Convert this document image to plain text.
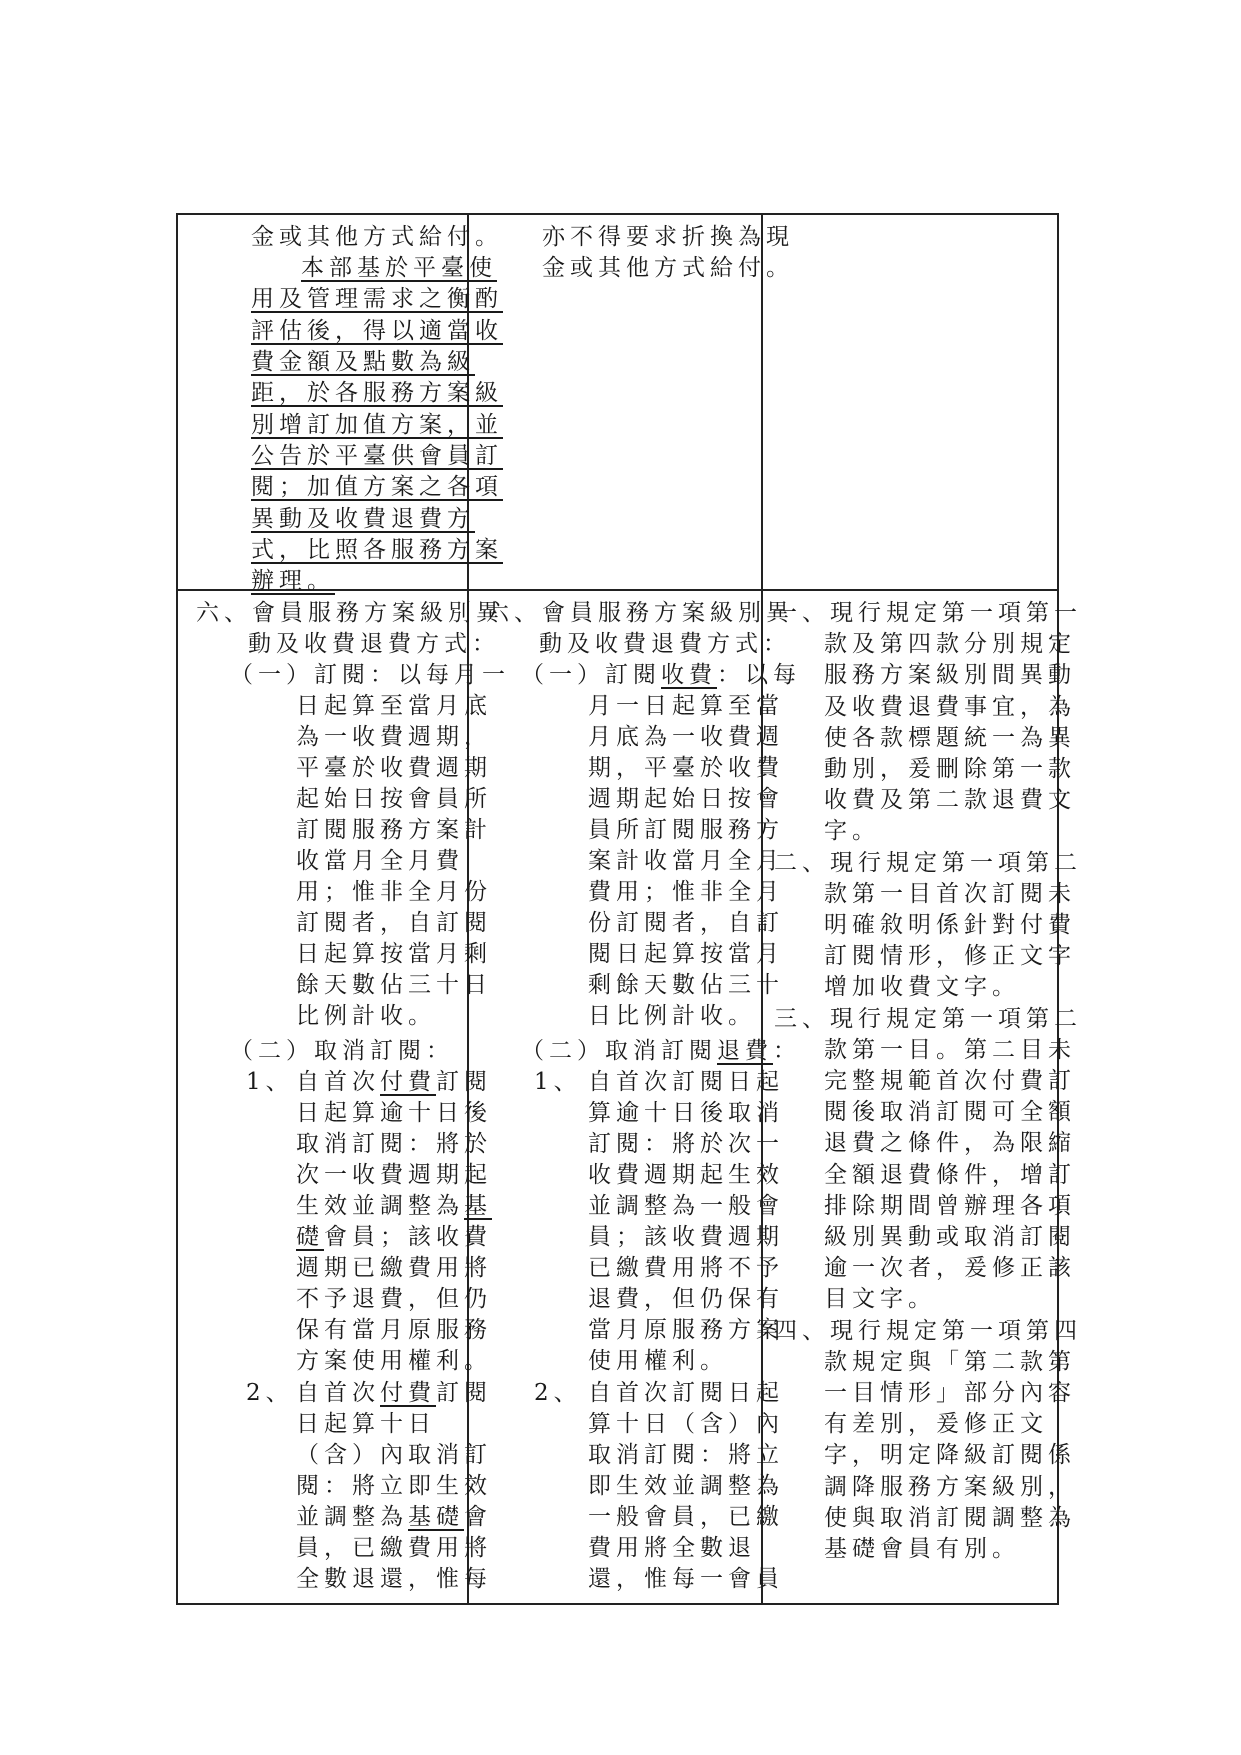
金或其他方式給付。
本部基於平臺使
用及管理需求之衡酌
評估後，得以適當收
費金額及點數為級
距，於各服務方案級
別增訂加值方案，並
公告於平臺供會員訂
閱；加值方案之各項
異動及收費退費方
式，比照各服務方案
辦理。
亦不得要求折換為現
金或其他方式給付。
六、會員服務方案級別異
動及收費退費方式：
（一）訂閱：以每月一
日起算至當月底
為一收費週期，
平臺於收費週期
起始日按會員所
訂閱服務方案計
收當月全月費
用；惟非全月份
訂閱者，自訂閱
日起算按當月剩
餘天數佔三十日
比例計收。
（二）取消訂閱：
1、 自首次付費訂閱
日起算逾十日後
取消訂閱：將於
次一收費週期起
生效並調整為基
礎會員；該收費
週期已繳費用將
不予退費，但仍
保有當月原服務
方案使用權利。
2、 自首次付費訂閱
日起算十日
（含）內取消訂
閱：將立即生效
並調整為基礎會
員，已繳費用將
全數退還，惟每
六、會員服務方案級別異
動及收費退費方式：
（一）訂閱收費：以每
月一日起算至當
月底為一收費週
期，平臺於收費
週期起始日按會
員所訂閱服務方
案計收當月全月
費用；惟非全月
份訂閱者，自訂
閱日起算按當月
剩餘天數佔三十
日比例計收。
（二）取消訂閱退費：
1、 自首次訂閱日起
算逾十日後取消
訂閱：將於次一
收費週期起生效
並調整為一般會
員；該收費週期
已繳費用將不予
退費，但仍保有
當月原服務方案
使用權利。
2、 自首次訂閱日起
算十日（含）內
取消訂閱：將立
即生效並調整為
一般會員，已繳
費用將全數退
還，惟每一會員
一、現行規定第一項第一
款及第四款分別規定
服務方案級別間異動
及收費退費事宜，為
使各款標題統一為異
動別，爰刪除第一款
收費及第二款退費文
字。
二、現行規定第一項第二
款第一目首次訂閱未
明確敘明係針對付費
訂閱情形，修正文字
增加收費文字。
三、現行規定第一項第二
款第一目。第二目未
完整規範首次付費訂
閱後取消訂閱可全額
退費之條件，為限縮
全額退費條件，增訂
排除期間曾辦理各項
級別異動或取消訂閱
逾一次者，爰修正該
目文字。
四、現行規定第一項第四
款規定與「第二款第
一目情形」部分內容
有差別，爰修正文
字，明定降級訂閱係
調降服務方案級別，
使與取消訂閱調整為
基礎會員有別。
